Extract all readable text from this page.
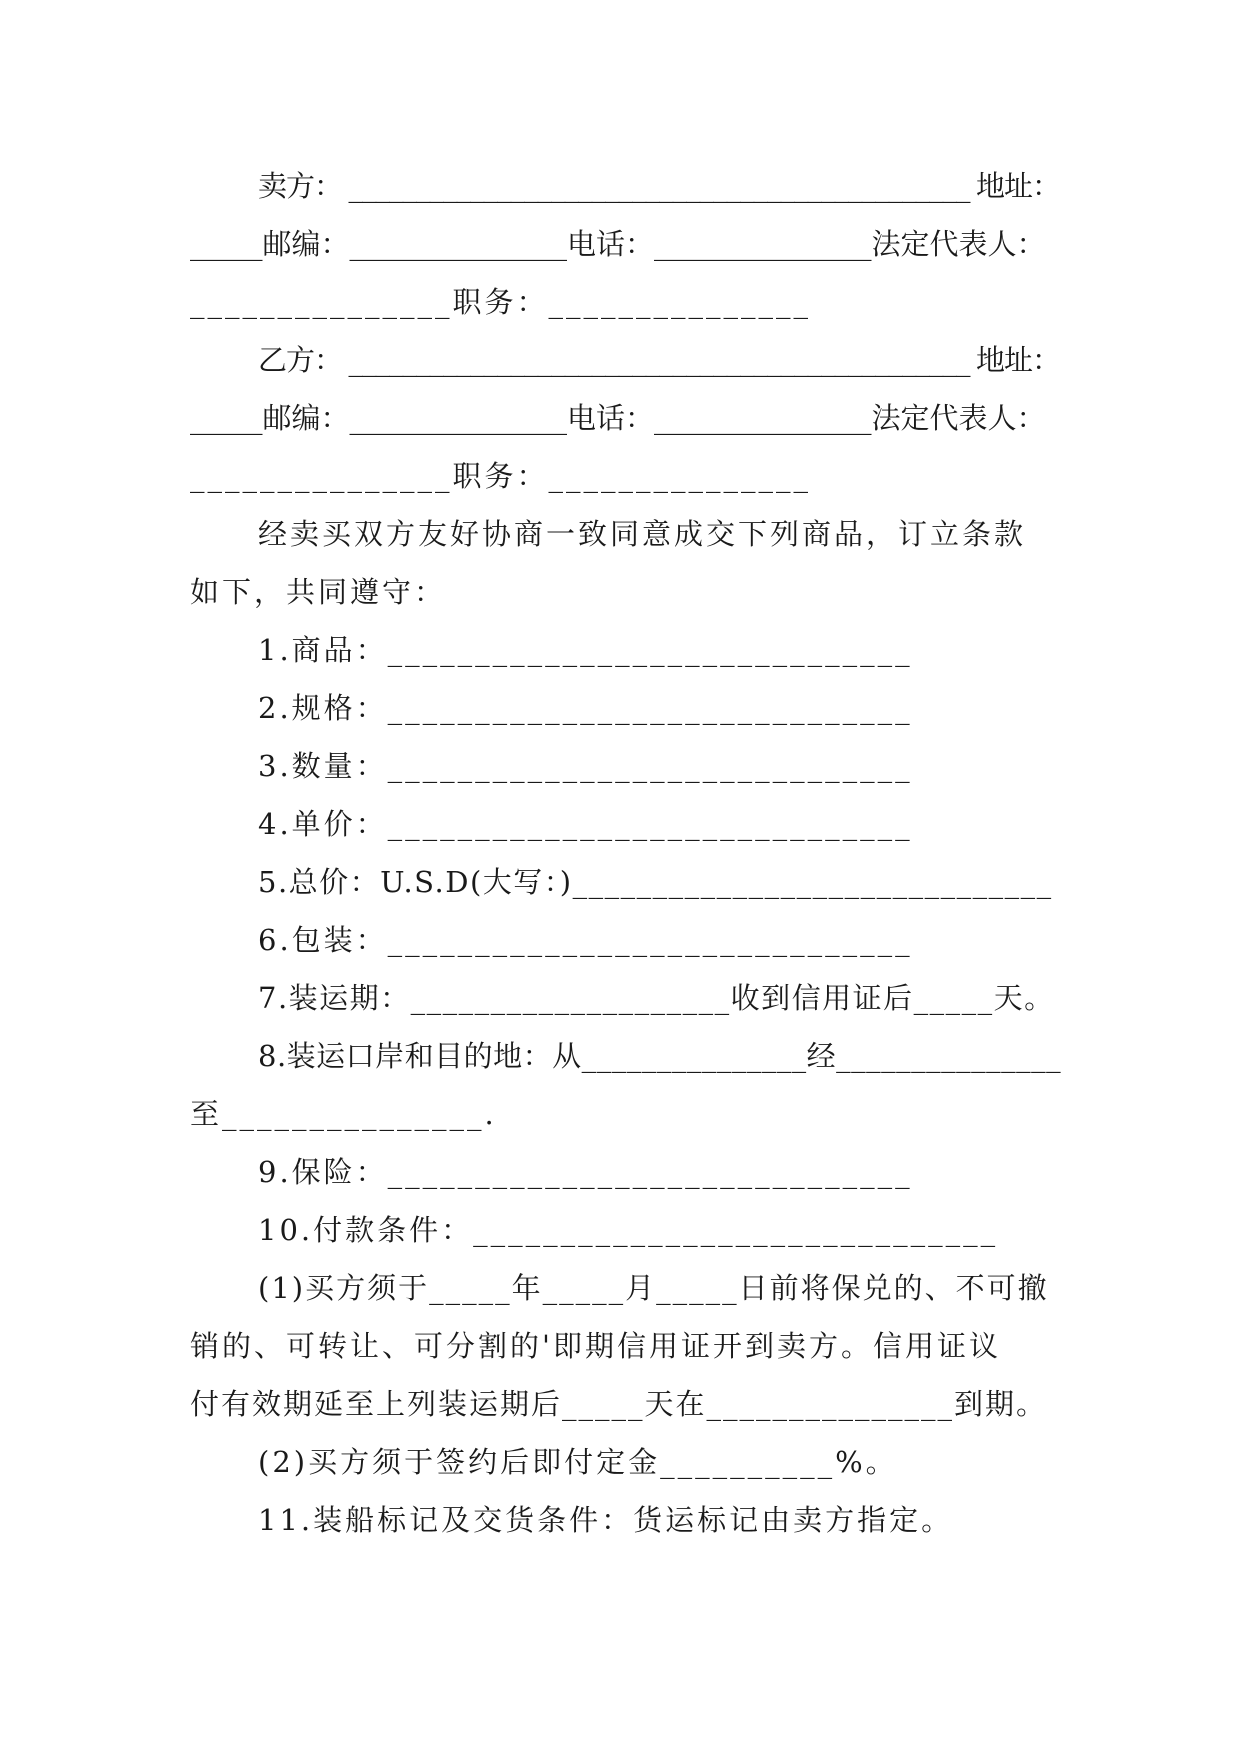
卖方： ______________________________________________ 地址：
_____邮编：_______________电话：_______________法定代表人：
_______________职务：_______________
乙方： ______________________________________________ 地址：
_____邮编：_______________电话：_______________法定代表人：
_______________职务：_______________
经卖买双方友好协商一致同意成交下列商品，订立条款
如下，共同遵守：
1.商品：______________________________
2.规格：______________________________
3.数量：______________________________
4.单价：______________________________
5.总价：U.S.D(大写：)______________________________
6.包装：______________________________
7.装运期：____________________收到信用证后_____天。
8.装运口岸和目的地：从_______________经_______________
至_______________.
9.保险：______________________________
10.付款条件：______________________________
(1)买方须于_____年_____月_____日前将保兑的、不可撤
销的、可转让、可分割的'即期信用证开到卖方。信用证议
付有效期延至上列装运期后_____天在_______________到期。
(2)买方须于签约后即付定金__________%。
11.装船标记及交货条件：货运标记由卖方指定。
